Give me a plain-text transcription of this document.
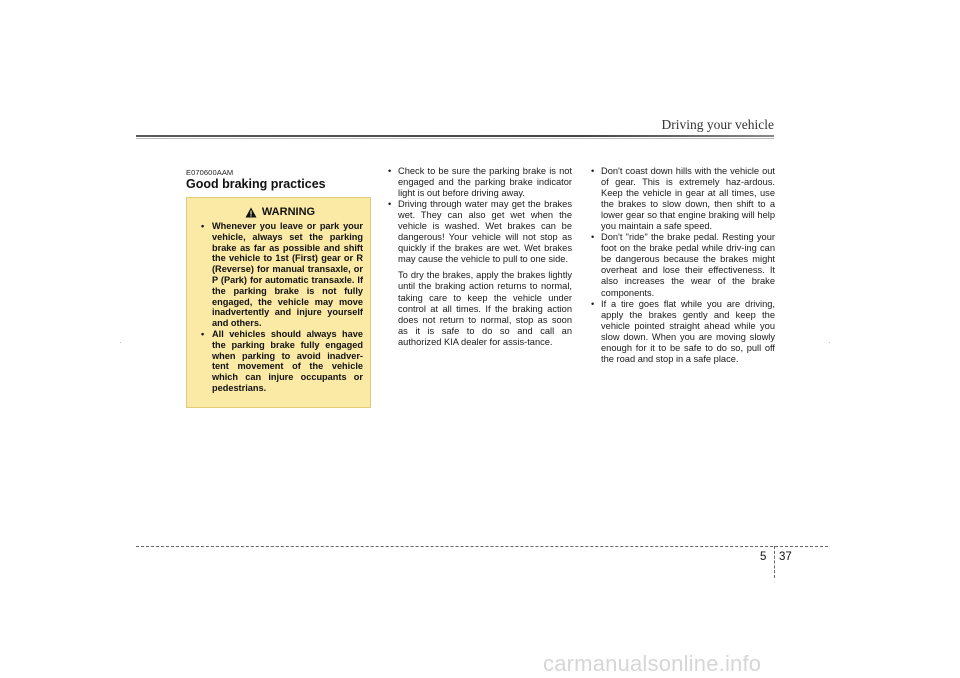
Driving your vehicle
E070600AAM
Good braking practices
WARNING
• Whenever you leave or park your vehicle, always set the parking brake as far as possible and shift the vehicle to 1st (First) gear or R (Reverse) for manual transaxle, or P (Park) for automatic transaxle. If the parking brake is not fully engaged, the vehicle may move inadvertently and injure yourself and others.
• All vehicles should always have the parking brake fully engaged when parking to avoid inadver-tent movement of the vehicle which can injure occupants or pedestrians.
• Check to be sure the parking brake is not engaged and the parking brake indicator light is out before driving away.
• Driving through water may get the brakes wet. They can also get wet when the vehicle is washed. Wet brakes can be dangerous! Your vehicle will not stop as quickly if the brakes are wet. Wet brakes may cause the vehicle to pull to one side.

To dry the brakes, apply the brakes lightly until the braking action returns to normal, taking care to keep the vehicle under control at all times. If the braking action does not return to normal, stop as soon as it is safe to do so and call an authorized KIA dealer for assis-tance.

• Don't coast down hills with the vehicle out of gear. This is extremely haz-ardous. Keep the vehicle in gear at all times, use the brakes to slow down, then shift to a lower gear so that engine braking will help you maintain a safe speed.
• Don't "ride" the brake pedal. Resting your foot on the brake pedal while driv-ing can be dangerous because the brakes might overheat and lose their effectiveness. It also increases the wear of the brake components.
• If a tire goes flat while you are driving, apply the brakes gently and keep the vehicle pointed straight ahead while you slow down. When you are moving slowly enough for it to be safe to do so, pull off the road and stop in a safe place.
5 37
carmanualsonline.info
